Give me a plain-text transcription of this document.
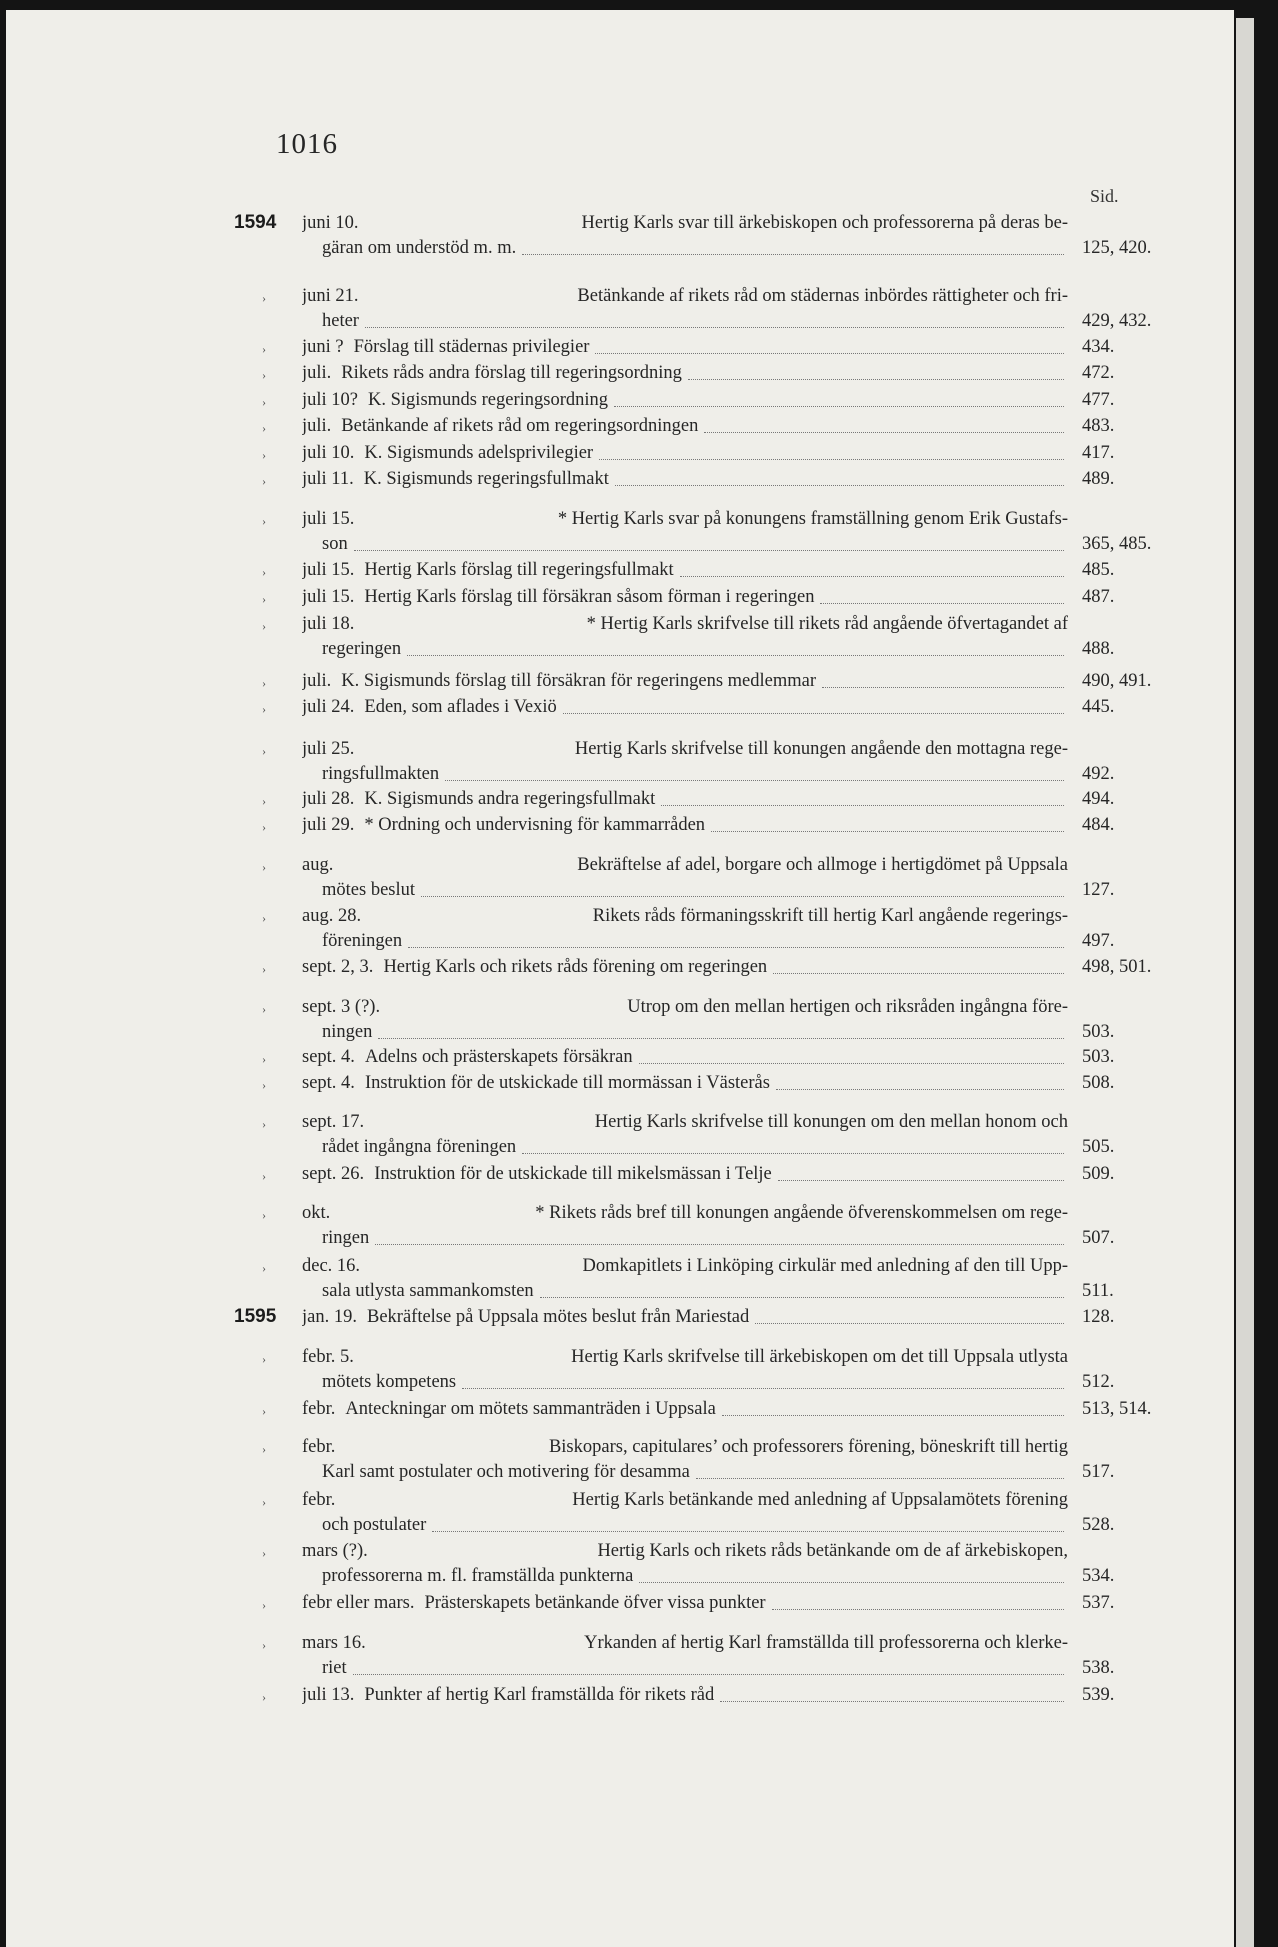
1016
Sid.
1594 juni 10.	Hertig Karls svar till ärkebiskopen och professorerna på deras be-
gäran om understöd m. m.	125, 420.
› juni 21.	Betänkande af rikets råd om städernas inbördes rättigheter och fri-
heter	429, 432.
› juni ? Förslag till städernas privilegier	434.
› juli. Rikets råds andra förslag till regeringsordning	472.
› juli 10? K. Sigismunds regeringsordning	477.
› juli. Betänkande af rikets råd om regeringsordningen	483.
› juli 10. K. Sigismunds adelsprivilegier	417.
› juli 11. K. Sigismunds regeringsfullmakt	489.
› juli 15.	* Hertig Karls svar på konungens framställning genom Erik Gustafs-
son	365, 485.
› juli 15. Hertig Karls förslag till regeringsfullmakt	485.
› juli 15. Hertig Karls förslag till försäkran såsom förman i regeringen	487.
› juli 18.	* Hertig Karls skrifvelse till rikets råd angående öfvertagandet af
regeringen	488.
› juli. K. Sigismunds förslag till försäkran för regeringens medlemmar	490, 491.
› juli 24. Eden, som aflades i Vexiö	445.
› juli 25.	Hertig Karls skrifvelse till konungen angående den mottagna rege-
ringsfullmakten	492.
› juli 28. K. Sigismunds andra regeringsfullmakt	494.
› juli 29. * Ordning och undervisning för kammarråden	484.
› aug.	Bekräftelse af adel, borgare och allmoge i hertigdömet på Uppsala
mötes beslut	127.
› aug. 28.	Rikets råds förmaningsskrift till hertig Karl angående regerings-
föreningen	497.
› sept. 2, 3. Hertig Karls och rikets råds förening om regeringen	498, 501.
› sept. 3 (?).	Utrop om den mellan hertigen och riksråden ingångna före-
ningen	503.
› sept. 4. Adelns och prästerskapets försäkran	503.
› sept. 4. Instruktion för de utskickade till mormässan i Västerås	508.
› sept. 17.	Hertig Karls skrifvelse till konungen om den mellan honom och
rådet ingångna föreningen	505.
› sept. 26. Instruktion för de utskickade till mikelsmässan i Telje	509.
› okt.	* Rikets råds bref till konungen angående öfverenskommelsen om rege-
ringen	507.
› dec. 16.	Domkapitlets i Linköping cirkulär med anledning af den till Upp-
sala utlysta sammankomsten	511.
1595 jan. 19. Bekräftelse på Uppsala mötes beslut från Mariestad	128.
› febr. 5.	Hertig Karls skrifvelse till ärkebiskopen om det till Uppsala utlysta
mötets kompetens	512.
› febr. Anteckningar om mötets sammanträden i Uppsala	513, 514.
› febr.	Biskopars, capitulares’ och professorers förening, böneskrift till hertig
Karl samt postulater och motivering för desamma	517.
› febr.	Hertig Karls betänkande med anledning af Uppsalamötets förening
och postulater	528.
› mars (?).	Hertig Karls och rikets råds betänkande om de af ärkebiskopen,
professorerna m. fl. framställda punkterna	534.
› febr eller mars. Prästerskapets betänkande öfver vissa punkter	537.
› mars 16.	Yrkanden af hertig Karl framställda till professorerna och klerke-
riet	538.
› juli 13. Punkter af hertig Karl framställda för rikets råd	539.
